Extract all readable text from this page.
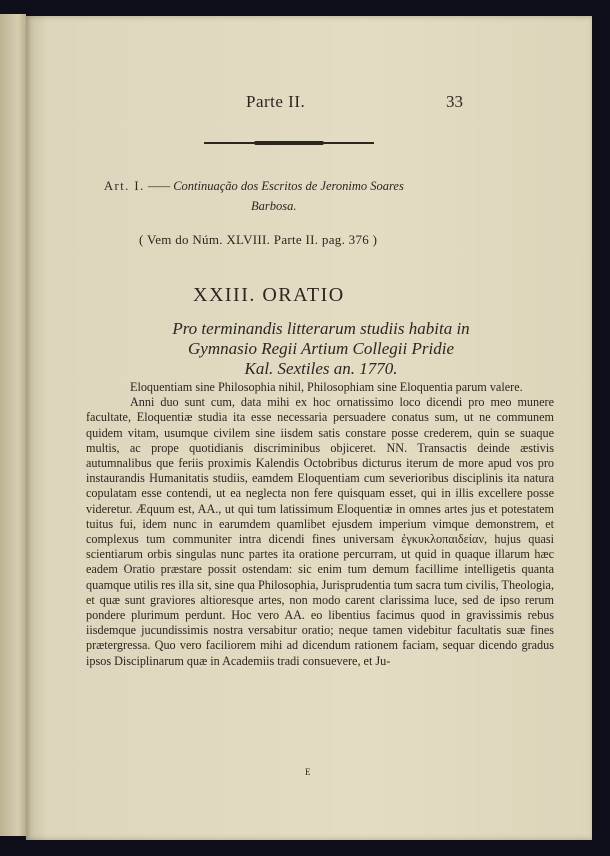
Parte II.	33
Art. I. —— Continuação dos Escritos de Jeronimo Soares
Barbosa.
( Vem do Núm. XLVIII. Parte II. pag. 376 )
XXIII. ORATIO
Pro terminandis litterarum studiis habita in
Gymnasio Regii Artium Collegii Pridie
Kal. Sextiles an. 1770.

Eloquentiam sine Philosophia nihil, Philosophiam sine Eloquentia parum valere.

Anni duo sunt cum, data mihi ex hoc ornatissimo loco dicendi pro meo munere facultate, Eloquentiæ studia ita esse necessaria persuadere conatus sum, ut ne communem quidem vitam, usumque civilem sine iisdem satis constare posse crederem, quin se suaque multis, ac prope quotidianis discriminibus objiceret. NN. Transactis deinde æstivis autumnalibus que feriis proximis Kalendis Octobribus dicturus iterum de more apud vos pro instaurandis Humanitatis studiis, eamdem Eloquentiam cum severioribus disciplinis ita natura copulatam esse contendi, ut ea neglecta non fere quisquam esset, qui in illis excellere posse videretur. Æquum est, AA., ut qui tum latissimum Eloquentiæ in omnes artes jus et potestatem tuitus fui, idem nunc in earumdem quamlibet ejusdem imperium vimque demonstrem, et complexus tum communiter intra dicendi fines universam ἐγκυκλοπαιδείαν, hujus quasi scientiarum orbis singulas nunc partes ita oratione percurram, ut quid in quaque illarum hæc eadem Oratio præstare possit ostendam: sic enim tum demum facillime intelligetis quanta quamque utilis res illa sit, sine qua Philosophia, Jurisprudentia tum sacra tum civilis, Theologia, et quæ sunt graviores altioresque artes, non modo carent clarissima luce, sed de ipso rerum pondere plurimum perdunt. Hoc vero AA. eo libentius facimus quod in gravissimis rebus iisdemque jucundissimis nostra versabitur oratio; neque tamen videbitur facultatis suæ fines prætergressa. Quo vero faciliorem mihi ad dicendum rationem faciam, sequar dicendo gradus ipsos Disciplinarum quæ in Academiis tradi consuevere, et Ju-

E
